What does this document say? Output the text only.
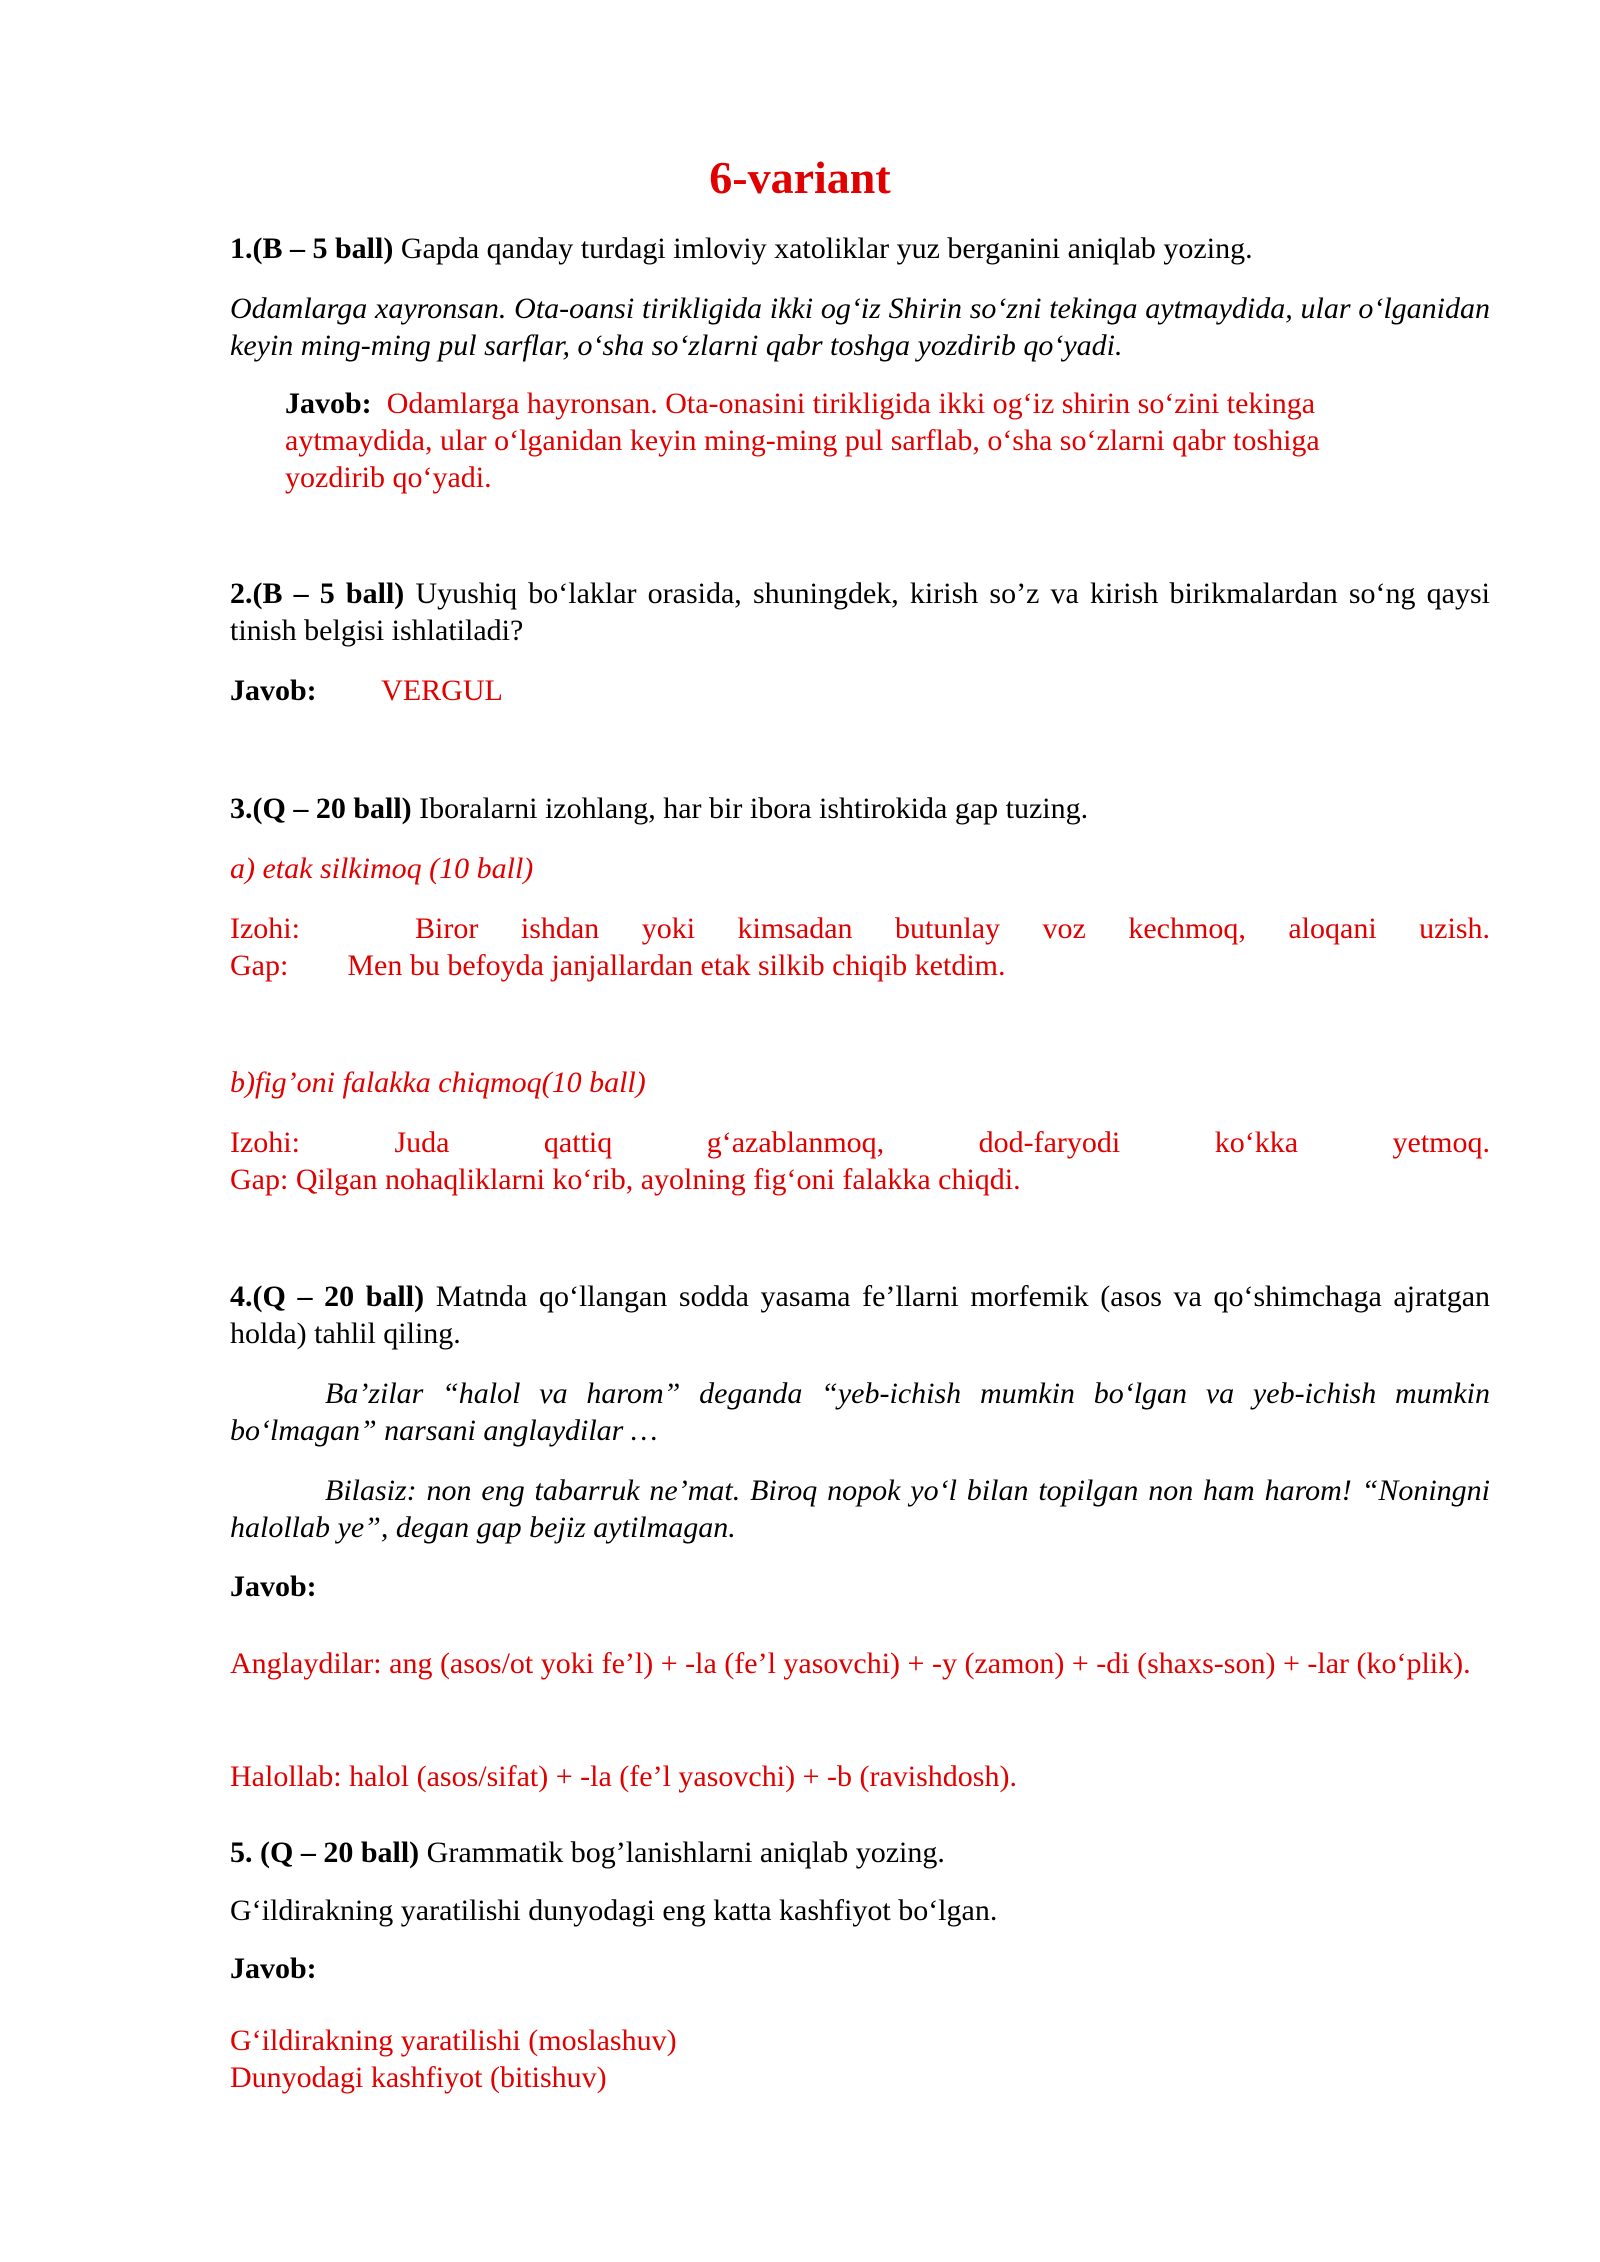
6-variant
1.(B – 5 ball) Gapda qanday turdagi imloviy xatoliklar yuz berganini aniqlab yozing.
Odamlarga xayronsan. Ota-oansi tirikligida ikki og‘iz Shirin so‘zni tekinga aytmaydida, ular o‘lganidan keyin ming-ming pul sarflar, o‘sha so‘zlarni qabr toshga yozdirib qo‘yadi.
Javob: Odamlarga hayronsan. Ota-onasini tirikligida ikki og‘iz shirin so‘zini tekinga
aytmaydida, ular o‘lganidan keyin ming-ming pul sarflab, o‘sha so‘zlarni qabr toshiga
yozdirib qo‘yadi.
2.(B – 5 ball) Uyushiq bo‘laklar orasida, shuningdek, kirish so’z va kirish birikmalardan so‘ng qaysi tinish belgisi ishlatiladi?
Javob: VERGUL
3.(Q – 20 ball) Iboralarni izohlang, har bir ibora ishtirokida gap tuzing.
a) etak silkimoq (10 ball)
Izohi:	Biror ishdan yoki kimsadan butunlay voz kechmoq, aloqani uzish.
Gap: Men bu befoyda janjallardan etak silkib chiqib ketdim.
b)fig’oni falakka chiqmoq(10 ball)
Izohi:	Juda qattiq g‘azablanmoq, dod-faryodi ko‘kka yetmoq.
Gap: Qilgan nohaqliklarni ko‘rib, ayolning fig‘oni falakka chiqdi.
4.(Q – 20 ball) Matnda qo‘llangan sodda yasama fe’llarni morfemik (asos va qo‘shimchaga ajratgan holda) tahlil qiling.
Ba’zilar “halol va harom” deganda “yeb-ichish mumkin bo‘lgan va yeb-ichish mumkin bo‘lmagan” narsani anglaydilar …
Bilasiz: non eng tabarruk ne’mat. Biroq nopok yo‘l bilan topilgan non ham harom! “Noningni halollab ye”, degan gap bejiz aytilmagan.
Javob:
Anglaydilar: ang (asos/ot yoki fe’l) + -la (fe’l yasovchi) + -y (zamon) + -di (shaxs-son) + -lar (ko‘plik).
Halollab: halol (asos/sifat) + -la (fe’l yasovchi) + -b (ravishdosh).
5. (Q – 20 ball) Grammatik bog’lanishlarni aniqlab yozing.
G‘ildirakning yaratilishi dunyodagi eng katta kashfiyot bo‘lgan.
Javob:
G‘ildirakning yaratilishi (moslashuv)
Dunyodagi kashfiyot (bitishuv)
